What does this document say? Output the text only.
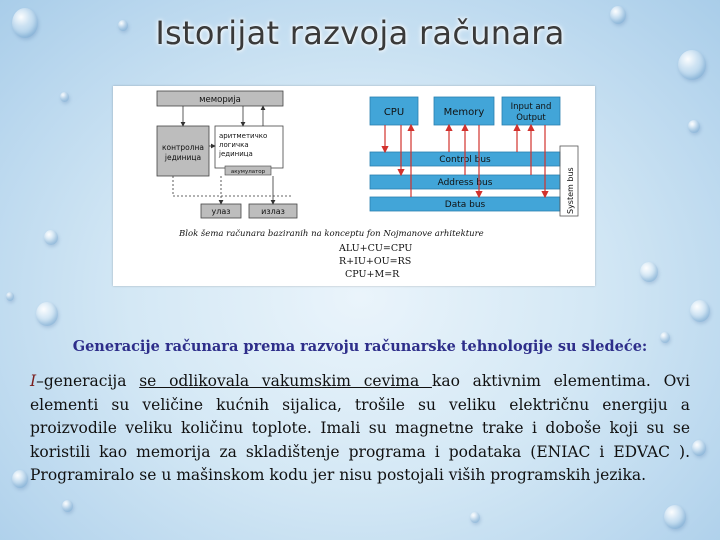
Istorijat razvoja računara
меморија
контролна
јединица
аритметичко
логичка
јединица
акумулатор
улаз	излаз
CPU	Memory	Input and
Output
Control bus
Address bus
Data bus	System bus
Blok šema računara baziranih na konceptu fon Nojmanove arhitekture
ALU+CU=CPU
R+IU+OU=RS
CPU+M=R
Generacije računara prema razvoju računarske tehnologije su sledeće:
I–generacija se odlikovala vakumskim cevima kao aktivnim elementima. Ovi elementi su veličine kućnih sijalica, trošile su veliku električnu energiju a proizvodile veliku količinu toplote. Imali su magnetne trake i doboše koji su se koristili kao memorija za skladištenje programa i podataka (ENIAC i EDVAC ). Programiralo se u mašinskom kodu jer nisu postojali viših programskih jezika.
